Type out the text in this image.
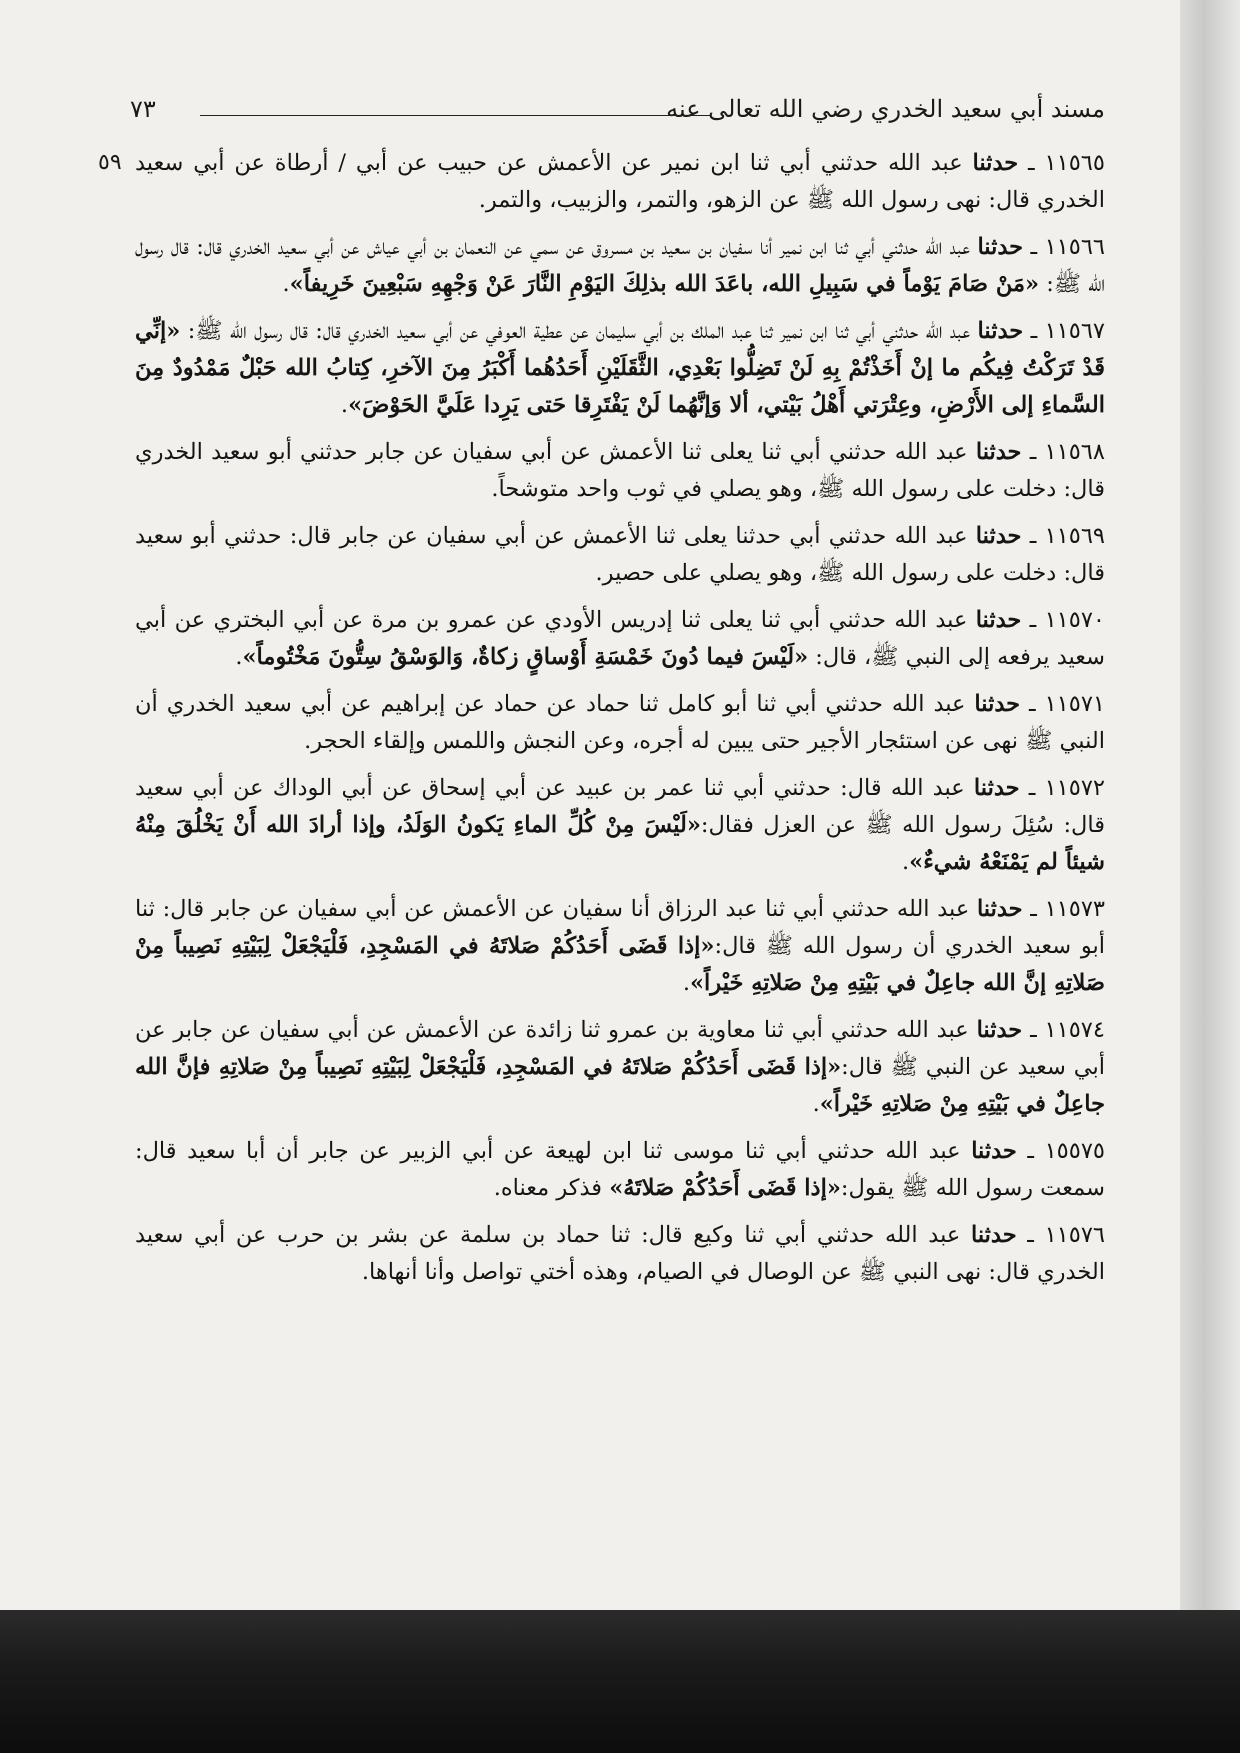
مسند أبي سعيد الخدري رضي الله تعالى عنه
٧٣
٥٩	١١٥٦٥ ـ حدثنا عبد الله حدثني أبي ثنا ابن نمير عن الأعمش عن حبيب عن أبي / أرطاة عن أبي سعيد الخدري قال: نهى رسول الله ﷺ عن الزهو، والتمر، والزبيب، والتمر.

١١٥٦٦ ـ حدثنا عبد الله حدثني أبي ثنا ابن نمير أنا سفيان بن سعيد بن مسروق عن سمي عن النعمان بن أبي عياش عن أبي سعيد الخدري قال: قال رسول الله ﷺ: «مَنْ صَامَ يَوْماً في سَبِيلِ الله، باعَدَ الله بذلِكَ اليَوْمِ النَّارَ عَنْ وَجْهِهِ سَبْعِينَ خَرِيفاً».

١١٥٦٧ ـ حدثنا عبد الله حدثني أبي ثنا ابن نمير ثنا عبد الملك بن أبي سليمان عن عطية العوفي عن أبي سعيد الخدري قال: قال رسول الله ﷺ: «إنِّي قَدْ تَرَكْتُ فِيكُم ما إنْ أَخَذْتُمْ بِهِ لَنْ تَضِلُّوا بَعْدِي، الثَّقَلَيْنِ أَحَدُهُما أَكْبَرُ مِنَ الآخرِ، كِتابُ الله حَبْلٌ مَمْدُودٌ مِنَ السَّماءِ إلى الأَرْضِ، وعِتْرَتي أَهْلُ بَيْتي، ألا وَإنَّهُما لَنْ يَفْتَرِقا حَتى يَرِدا عَلَيَّ الحَوْضَ».

١١٥٦٨ ـ حدثنا عبد الله حدثني أبي ثنا يعلى ثنا الأعمش عن أبي سفيان عن جابر حدثني أبو سعيد الخدري قال: دخلت على رسول الله ﷺ، وهو يصلي في ثوب واحد متوشحاً.

١١٥٦٩ ـ حدثنا عبد الله حدثني أبي حدثنا يعلى ثنا الأعمش عن أبي سفيان عن جابر قال: حدثني أبو سعيد قال: دخلت على رسول الله ﷺ، وهو يصلي على حصير.

١١٥٧٠ ـ حدثنا عبد الله حدثني أبي ثنا يعلى ثنا إدريس الأودي عن عمرو بن مرة عن أبي البختري عن أبي سعيد يرفعه إلى النبي ﷺ، قال: «لَيْسَ فيما دُونَ خَمْسَةِ أَوْساقٍ زكاةٌ، وَالوَسْقُ سِتُّونَ مَخْتُوماً».

١١٥٧١ ـ حدثنا عبد الله حدثني أبي ثنا أبو كامل ثنا حماد عن حماد عن إبراهيم عن أبي سعيد الخدري أن النبي ﷺ نهى عن استئجار الأجير حتى يبين له أجره، وعن النجش واللمس وإلقاء الحجر.

١١٥٧٢ ـ حدثنا عبد الله قال: حدثني أبي ثنا عمر بن عبيد عن أبي إسحاق عن أبي الوداك عن أبي سعيد قال: سُئِلَ رسول الله ﷺ عن العزل فقال:«لَيْسَ مِنْ كُلِّ الماءِ يَكونُ الوَلَدُ، وإذا أرادَ الله أَنْ يَخْلُقَ مِنْهُ شيئاً لم يَمْنَعْهُ شيءٌ».

١١٥٧٣ ـ حدثنا عبد الله حدثني أبي ثنا عبد الرزاق أنا سفيان عن الأعمش عن أبي سفيان عن جابر قال: ثنا أبو سعيد الخدري أن رسول الله ﷺ قال:«إذا قَضَى أَحَدُكُمْ صَلاتَهُ في المَسْجِدِ، فَلْيَجْعَلْ لِبَيْتِهِ نَصِيباً مِنْ صَلاتِهِ إنَّ الله جاعِلٌ في بَيْتِهِ مِنْ صَلاتِهِ خَيْراً».

١١٥٧٤ ـ حدثنا عبد الله حدثني أبي ثنا معاوية بن عمرو ثنا زائدة عن الأعمش عن أبي سفيان عن جابر عن أبي سعيد عن النبي ﷺ قال:«إذا قَضَى أَحَدُكُمْ صَلاتَهُ في المَسْجِدِ، فَلْيَجْعَلْ لِبَيْتِهِ نَصِيباً مِنْ صَلاتِهِ فإنَّ الله جاعِلٌ في بَيْتِهِ مِنْ صَلاتِهِ خَيْراً».

١٥٥٧٥ ـ حدثنا عبد الله حدثني أبي ثنا موسى ثنا ابن لهيعة عن أبي الزبير عن جابر أن أبا سعيد قال: سمعت رسول الله ﷺ يقول:«إذا قَضَى أَحَدُكُمْ صَلاتَهُ» فذكر معناه.

١١٥٧٦ ـ حدثنا عبد الله حدثني أبي ثنا وكيع قال: ثنا حماد بن سلمة عن بشر بن حرب عن أبي سعيد الخدري قال: نهى النبي ﷺ عن الوصال في الصيام، وهذه أختي تواصل وأنا أنهاها.
